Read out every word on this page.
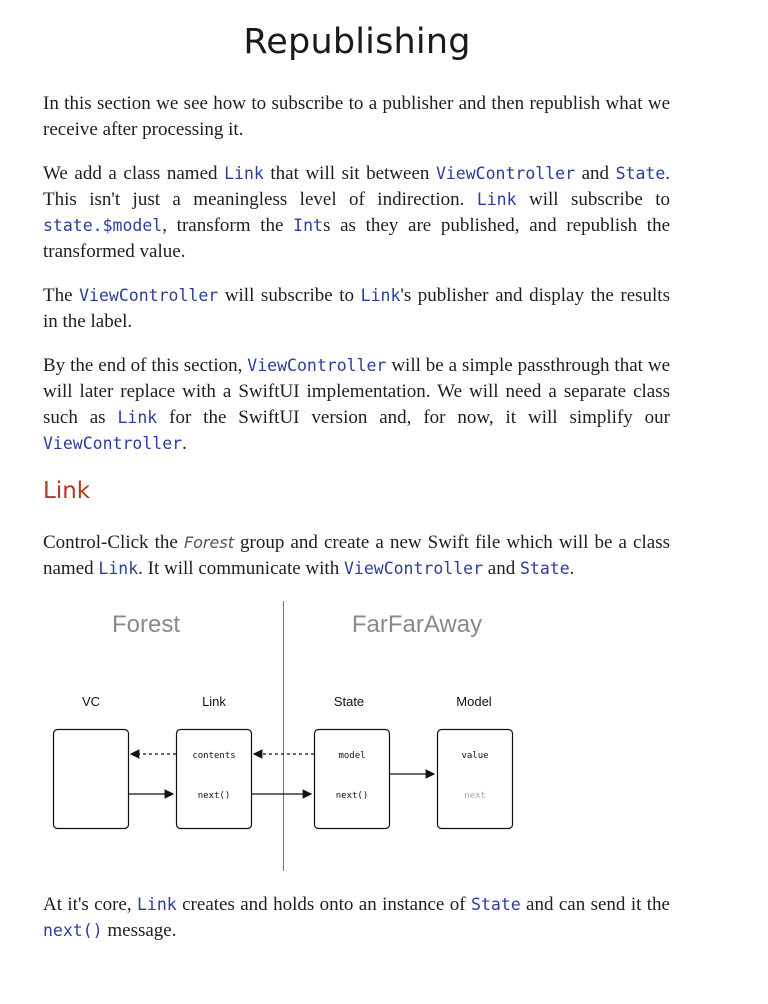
Republishing

In this section we see how to subscribe to a publisher and then republish what we receive after processing it.

We add a class named Link that will sit between ViewController and State. This isn't just a meaningless level of indirection. Link will subscribe to state.$model, transform the Ints as they are published, and republish the transformed value.

The ViewController will subscribe to Link's publisher and display the results in the label.

By the end of this section, ViewController will be a simple passthrough that we will later replace with a SwiftUI implementation. We will need a separate class such as Link for the SwiftUI version and, for now, it will simplify our ViewController.

Link

Control-Click the Forest group and create a new Swift file which will be a class named Link. It will communicate with ViewController and State.

Forest	FarFarAway
VC	Link	State	Model
contents
next()
model
next()
value
next

At it's core, Link creates and holds onto an instance of State and can send it the next() message.
